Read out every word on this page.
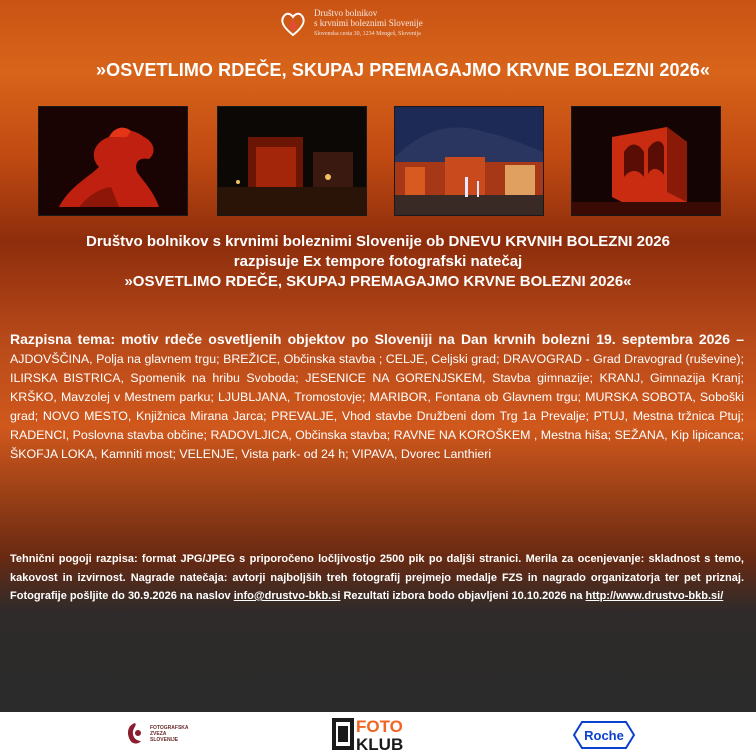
Društvo bolnikov
s krvnimi boleznimi Slovenije
Slovenska cesta 30, 1234 Mengeš, Slovenija
»OSVETLIMO RDEČE, SKUPAJ PREMAGAJMO KRVNE BOLEZNI 2026«
Društvo bolnikov s krvnimi boleznimi Slovenije ob DNEVU KRVNIH BOLEZNI 2026
razpisuje Ex tempore fotografski natečaj
»OSVETLIMO RDEČE, SKUPAJ PREMAGAJMO KRVNE BOLEZNI 2026«
Razpisna tema: motiv rdeče osvetljenih objektov po Sloveniji na Dan krvnih bolezni 19. septembra 2026 – AJDOVŠČINA, Polja na glavnem trgu; BREŽICE, Občinska stavba ; CELJE, Celjski grad; DRAVOGRAD - Grad Dravograd (ruševine); ILIRSKA BISTRICA, Spomenik na hribu Svoboda; JESENICE NA GORENJSKEM, Stavba gimnazije; KRANJ, Gimnazija Kranj; KRŠKO, Mavzolej v Mestnem parku; LJUBLJANA, Tromostovje; MARIBOR, Fontana ob Glavnem trgu; MURSKA SOBOTA, Soboški grad; NOVO MESTO, Knjižnica Mirana Jarca; PREVALJE, Vhod stavbe Družbeni dom Trg 1a Prevalje; PTUJ, Mestna tržnica Ptuj; RADENCI, Poslovna stavba občine; RADOVLJICA, Občinska stavba; RAVNE NA KOROŠKEM , Mestna hiša; SEŽANA, Kip lipicanca; ŠKOFJA LOKA, Kamniti most; VELENJE, Vista park- od 24 h; VIPAVA, Dvorec Lanthieri
Tehnični pogoji razpisa: format JPG/JPEG s priporočeno ločljivostjo 2500 pik po daljši stranici. Merila za ocenjevanje: skladnost s temo, kakovost in izvirnost. Nagrade natečaja: avtorji najboljših treh fotografij prejmejo medalje FZS in nagrado organizatorja ter pet priznaj. Fotografije pošljite do 30.9.2026 na naslov info@drustvo-bkb.si Rezultati izbora bodo objavljeni 10.10.2026 na http://www.drustvo-bkb.si/
FOTOGRAFSKA
ZVEZA
SLOVENIJE
FOTO
KLUB	Roche
